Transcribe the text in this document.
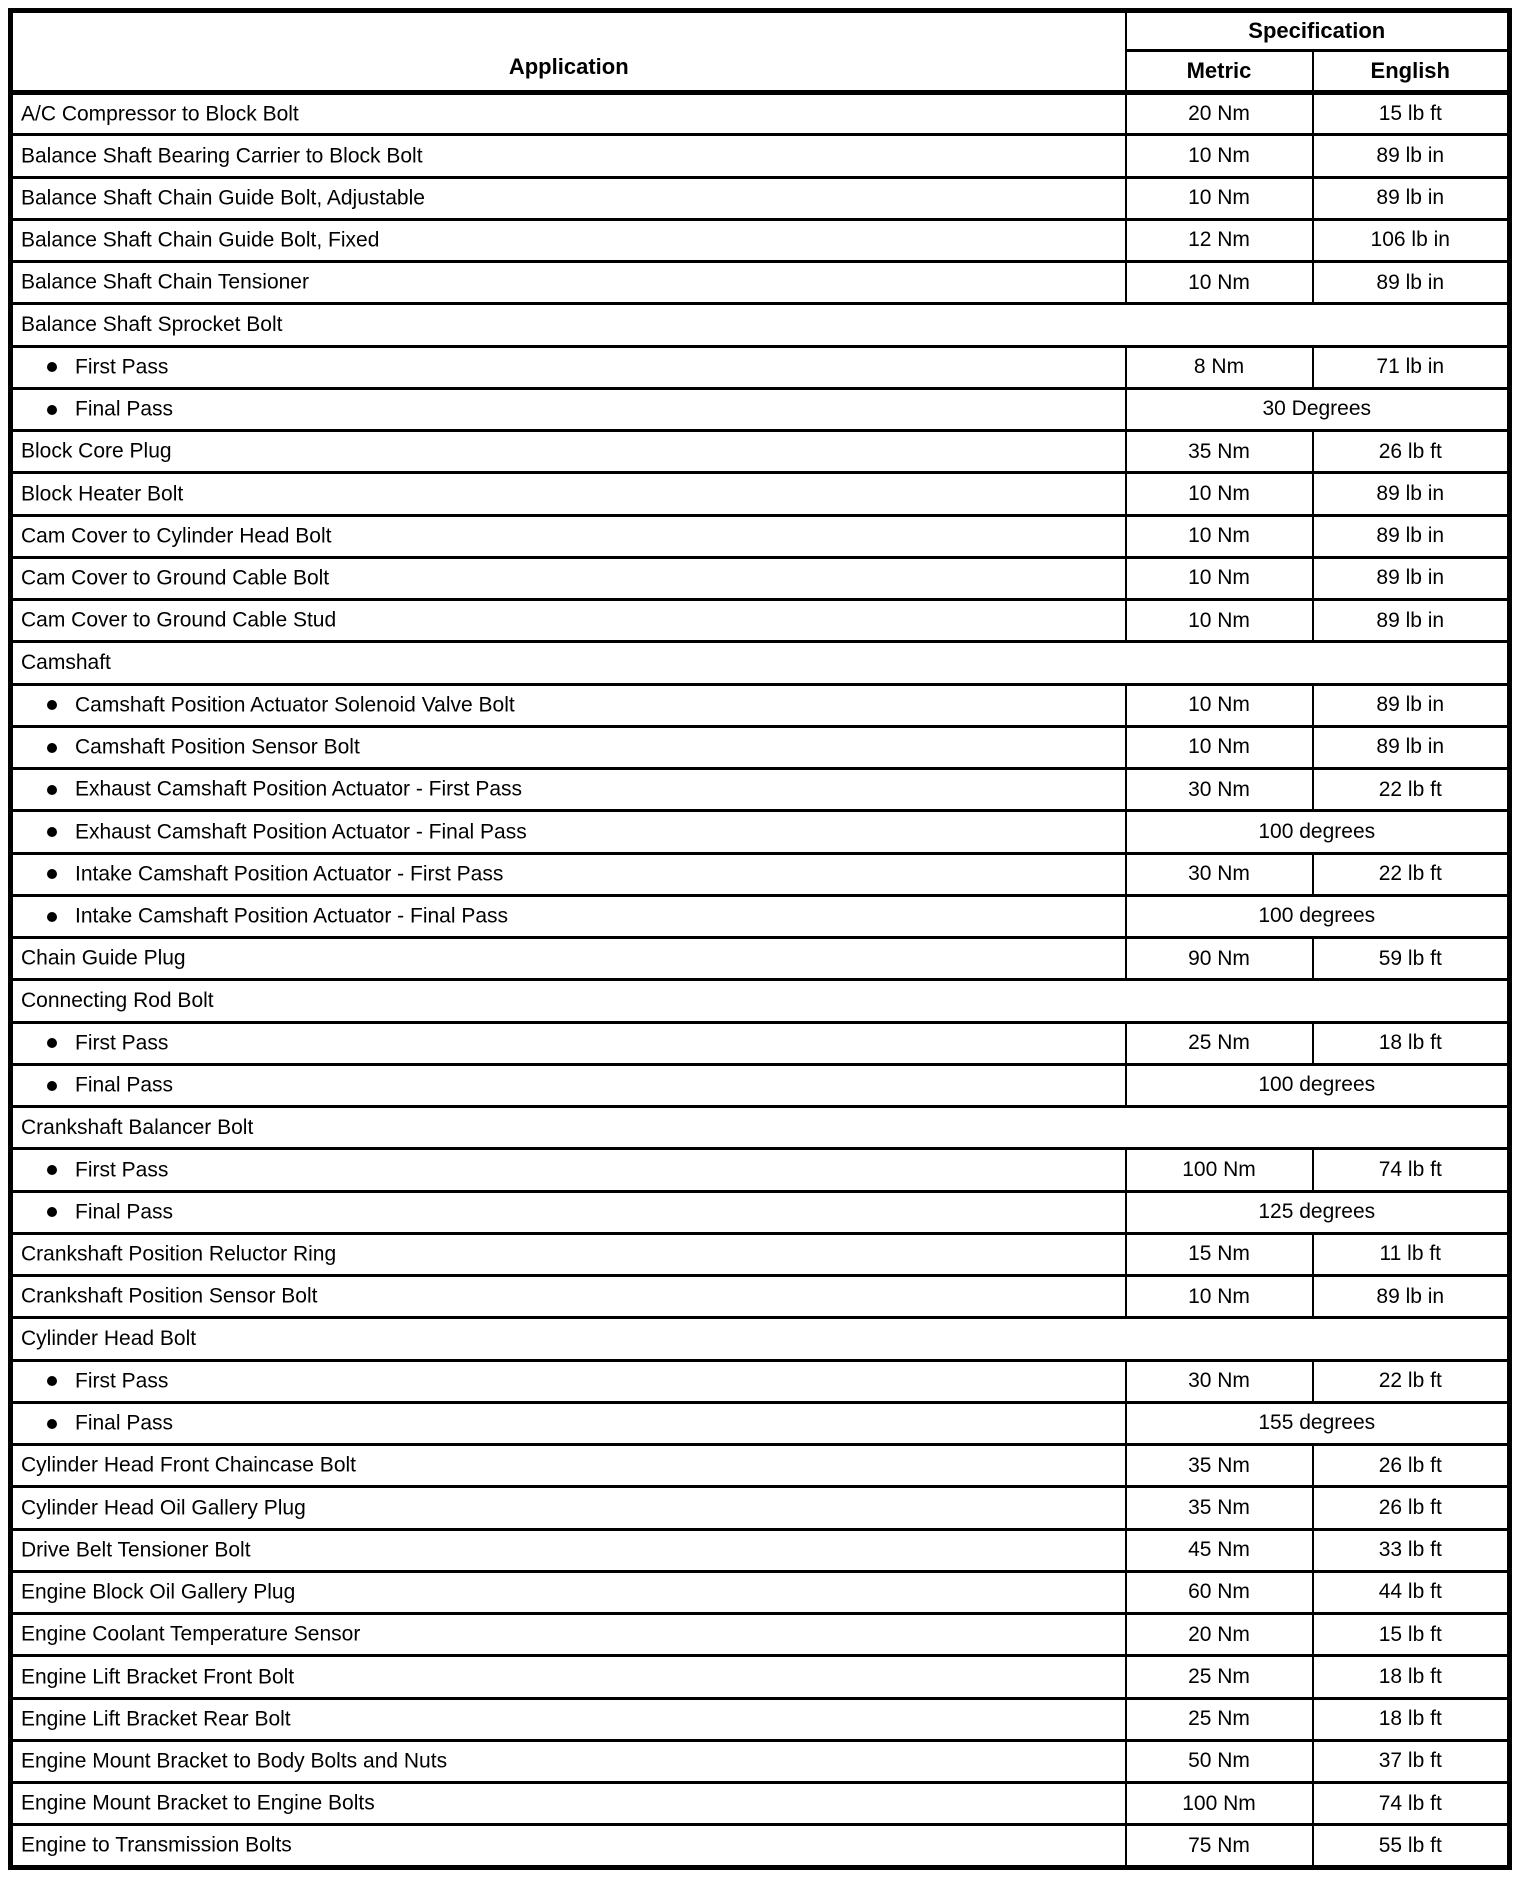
Application	Specification	
	Metric	English
A/C Compressor to Block Bolt	20 Nm	15 lb ft
Balance Shaft Bearing Carrier to Block Bolt	10 Nm	89 lb in
Balance Shaft Chain Guide Bolt, Adjustable	10 Nm	89 lb in
Balance Shaft Chain Guide Bolt, Fixed	12 Nm	106 lb in
Balance Shaft Chain Tensioner	10 Nm	89 lb in
Balance Shaft Sprocket Bolt		
First Pass	8 Nm	71 lb in
Final Pass	30 Degrees	
Block Core Plug	35 Nm	26 lb ft
Block Heater Bolt	10 Nm	89 lb in
Cam Cover to Cylinder Head Bolt	10 Nm	89 lb in
Cam Cover to Ground Cable Bolt	10 Nm	89 lb in
Cam Cover to Ground Cable Stud	10 Nm	89 lb in
Camshaft		
Camshaft Position Actuator Solenoid Valve Bolt	10 Nm	89 lb in
Camshaft Position Sensor Bolt	10 Nm	89 lb in
Exhaust Camshaft Position Actuator - First Pass	30 Nm	22 lb ft
Exhaust Camshaft Position Actuator - Final Pass	100 degrees	
Intake Camshaft Position Actuator - First Pass	30 Nm	22 lb ft
Intake Camshaft Position Actuator - Final Pass	100 degrees	
Chain Guide Plug	90 Nm	59 lb ft
Connecting Rod Bolt		
First Pass	25 Nm	18 lb ft
Final Pass	100 degrees	
Crankshaft Balancer Bolt		
First Pass	100 Nm	74 lb ft
Final Pass	125 degrees	
Crankshaft Position Reluctor Ring	15 Nm	11 lb ft
Crankshaft Position Sensor Bolt	10 Nm	89 lb in
Cylinder Head Bolt		
First Pass	30 Nm	22 lb ft
Final Pass	155 degrees	
Cylinder Head Front Chaincase Bolt	35 Nm	26 lb ft
Cylinder Head Oil Gallery Plug	35 Nm	26 lb ft
Drive Belt Tensioner Bolt	45 Nm	33 lb ft
Engine Block Oil Gallery Plug	60 Nm	44 lb ft
Engine Coolant Temperature Sensor	20 Nm	15 lb ft
Engine Lift Bracket Front Bolt	25 Nm	18 lb ft
Engine Lift Bracket Rear Bolt	25 Nm	18 lb ft
Engine Mount Bracket to Body Bolts and Nuts	50 Nm	37 lb ft
Engine Mount Bracket to Engine Bolts	100 Nm	74 lb ft
Engine to Transmission Bolts	75 Nm	55 lb ft
